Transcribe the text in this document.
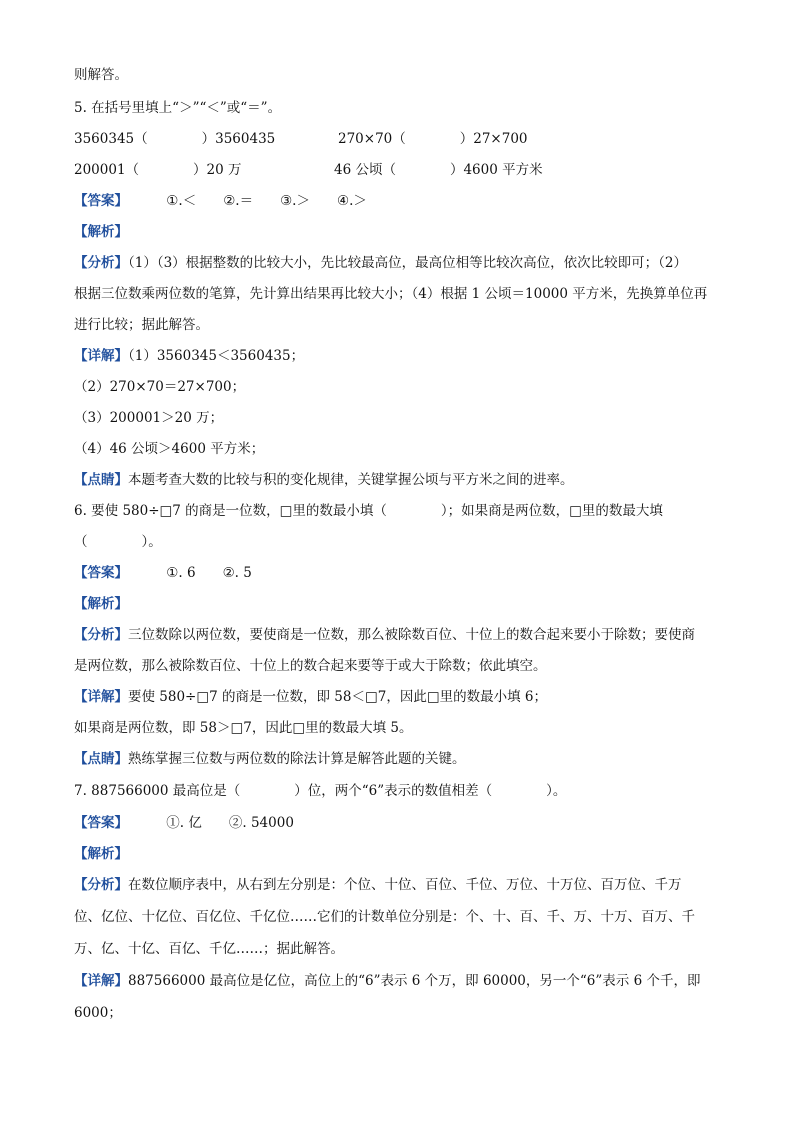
则解答。
5. 在括号里填上“＞”“＜”或“＝”。
3560345（　　　　）3560435	270×70（　　　　）27×700
200001（　　　　）20 万	46 公顷（　　　　）4600 平方米
【答案】	①.＜　　②.＝　　③.＞　　④.＞
【解析】
【分析】（1）（3）根据整数的比较大小，先比较最高位，最高位相等比较次高位，依次比较即可；（2）
根据三位数乘两位数的笔算，先计算出结果再比较大小；（4）根据 1 公顷＝10000 平方米，先换算单位再
进行比较；据此解答。
【详解】（1）3560345＜3560435；
（2）270×70＝27×700；
（3）200001＞20 万；
（4）46 公顷＞4600 平方米；
【点睛】本题考查大数的比较与积的变化规律，关键掌握公顷与平方米之间的进率。
6. 要使 580÷□7 的商是一位数，□里的数最小填（　　　　）；如果商是两位数，□里的数最大填
（　　　　）。
【答案】	①. 6　　②. 5
【解析】
【分析】三位数除以两位数，要使商是一位数，那么被除数百位、十位上的数合起来要小于除数；要使商
是两位数，那么被除数百位、十位上的数合起来要等于或大于除数；依此填空。
【详解】要使 580÷□7 的商是一位数，即 58＜□7，因此□里的数最小填 6；
如果商是两位数，即 58＞□7，因此□里的数最大填 5。
【点睛】熟练掌握三位数与两位数的除法计算是解答此题的关键。
7. 887566000 最高位是（　　　　）位，两个“6”表示的数值相差（　　　　）。
【答案】	①. 亿　　②. 54000
【解析】
【分析】在数位顺序表中，从右到左分别是：个位、十位、百位、千位、万位、十万位、百万位、千万
位、亿位、十亿位、百亿位、千亿位……它们的计数单位分别是：个、十、百、千、万、十万、百万、千
万、亿、十亿、百亿、千亿……；据此解答。
【详解】887566000 最高位是亿位，高位上的“6”表示 6 个万，即 60000，另一个“6”表示 6 个千，即
6000；
